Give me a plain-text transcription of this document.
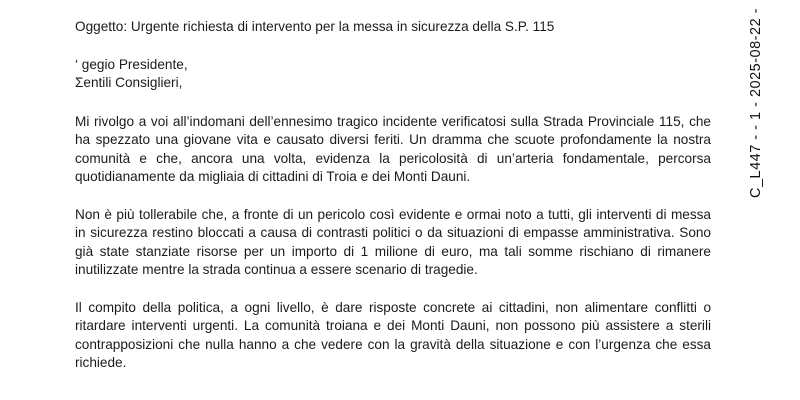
Oggetto: Urgente richiesta di intervento per la messa in sicurezza della S.P. 115

‘ gegio Presidente,
Ʃentili Consiglieri,

Mi rivolgo a voi all’indomani dell’ennesimo tragico incidente verificatosi sulla Strada Provinciale 115, che ha spezzato una giovane vita e causato diversi feriti. Un dramma che scuote profondamente la nostra comunità e che, ancora una volta, evidenza la pericolosità di un’arteria fondamentale, percorsa quotidianamente da migliaia di cittadini di Troia e dei Monti Dauni.

Non è più tollerabile che, a fronte di un pericolo così evidente e ormai noto a tutti, gli interventi di messa in sicurezza restino bloccati a causa di contrasti politici o da situazioni di empasse amministrativa. Sono già state stanziate risorse per un importo di 1 milione di euro, ma tali somme rischiano di rimanere inutilizzate mentre la strada continua a essere scenario di tragedie.

Il compito della politica, a ogni livello, è dare risposte concrete ai cittadini, non alimentare conflitti o ritardare interventi urgenti. La comunità troiana e dei Monti Dauni, non possono più assistere a sterili contrapposizioni che nulla hanno a che vedere con la gravità della situazione e con l’urgenza che essa richiede.

C_L447 - - 1 - 2025-08-22 -
